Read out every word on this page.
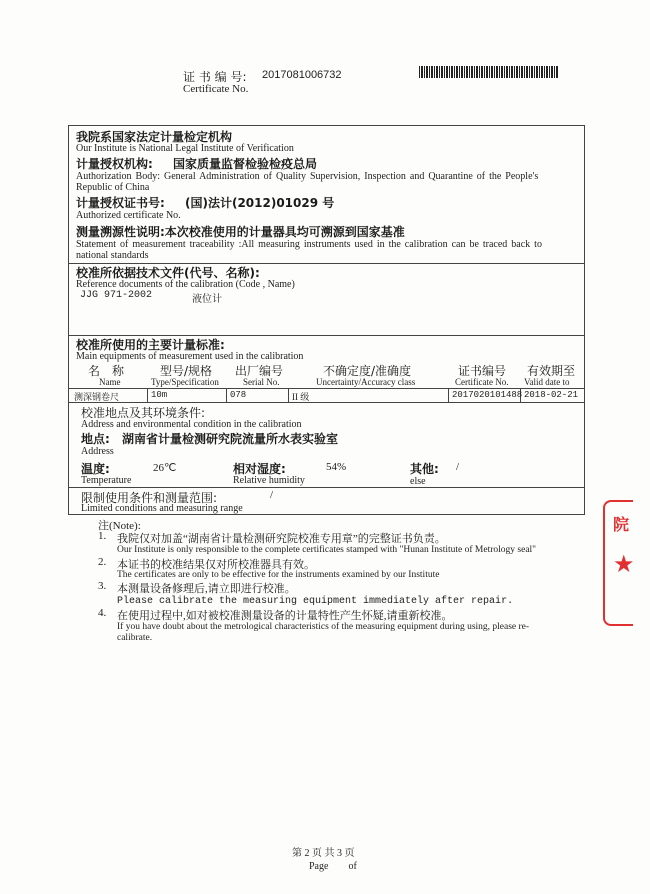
证 书 编 号: 2017081006732
Certificate No.
我院系国家法定计量检定机构
Our Institute is National Legal Institute of Verification
计量授权机构: 国家质量监督检验检疫总局
Authorization Body: General Administration of Quality Supervision, Inspection and Quarantine of the People's
Republic of China
计量授权证书号: (国)法计(2012)01029 号
Authorized certificate No.
测量溯源性说明:本次校准使用的计量器具均可溯源到国家基准
Statement of measurement traceability :All measuring instruments used in the calibration can be traced back to
national standards
校准所依据技术文件(代号、名称):
Reference documents of the calibration (Code , Name)
JJG 971-2002	液位计
校准所使用的主要计量标准:
Main equipments of measurement used in the calibration
名　称	型号/规格 出厂编号	不确定度/准确度	证书编号 有效期至
Name	Type/Specification	Serial No.	Uncertainty/Accuracy class	Certificate No. Valid date to
测深钢卷尺	10m	078	II 级	2017020101488 2018-02-21
校准地点及其环境条件:
Address and environmental condition in the calibration
地点: 湖南省计量检测研究院流量所水表实验室
Address
温度:	26℃
Temperature
相对湿度:	54%
Relative humidity
其他: /
else
限制使用条件和测量范围:	/
Limited conditions and measuring range
注(Note):
1. 我院仅对加盖“湖南省计量检测研究院校准专用章”的完整证书负责。
Our Institute is only responsible to the complete certificates stamped with "Hunan Institute of Metrology seal"
2. 本证书的校准结果仅对所校准器具有效。
The certificates are only to be effective for the instruments examined by our Institute
3. 本测量设备修理后,请立即进行校准。
Please calibrate the measuring equipment immediately after repair.
4. 在使用过程中,如对被校准测量设备的计量特性产生怀疑,请重新校准。
If you have doubt about the metrological characteristics of the measuring equipment during using, please re-
calibrate.
院
★
第 2 页 共 3 页
Page　　of
